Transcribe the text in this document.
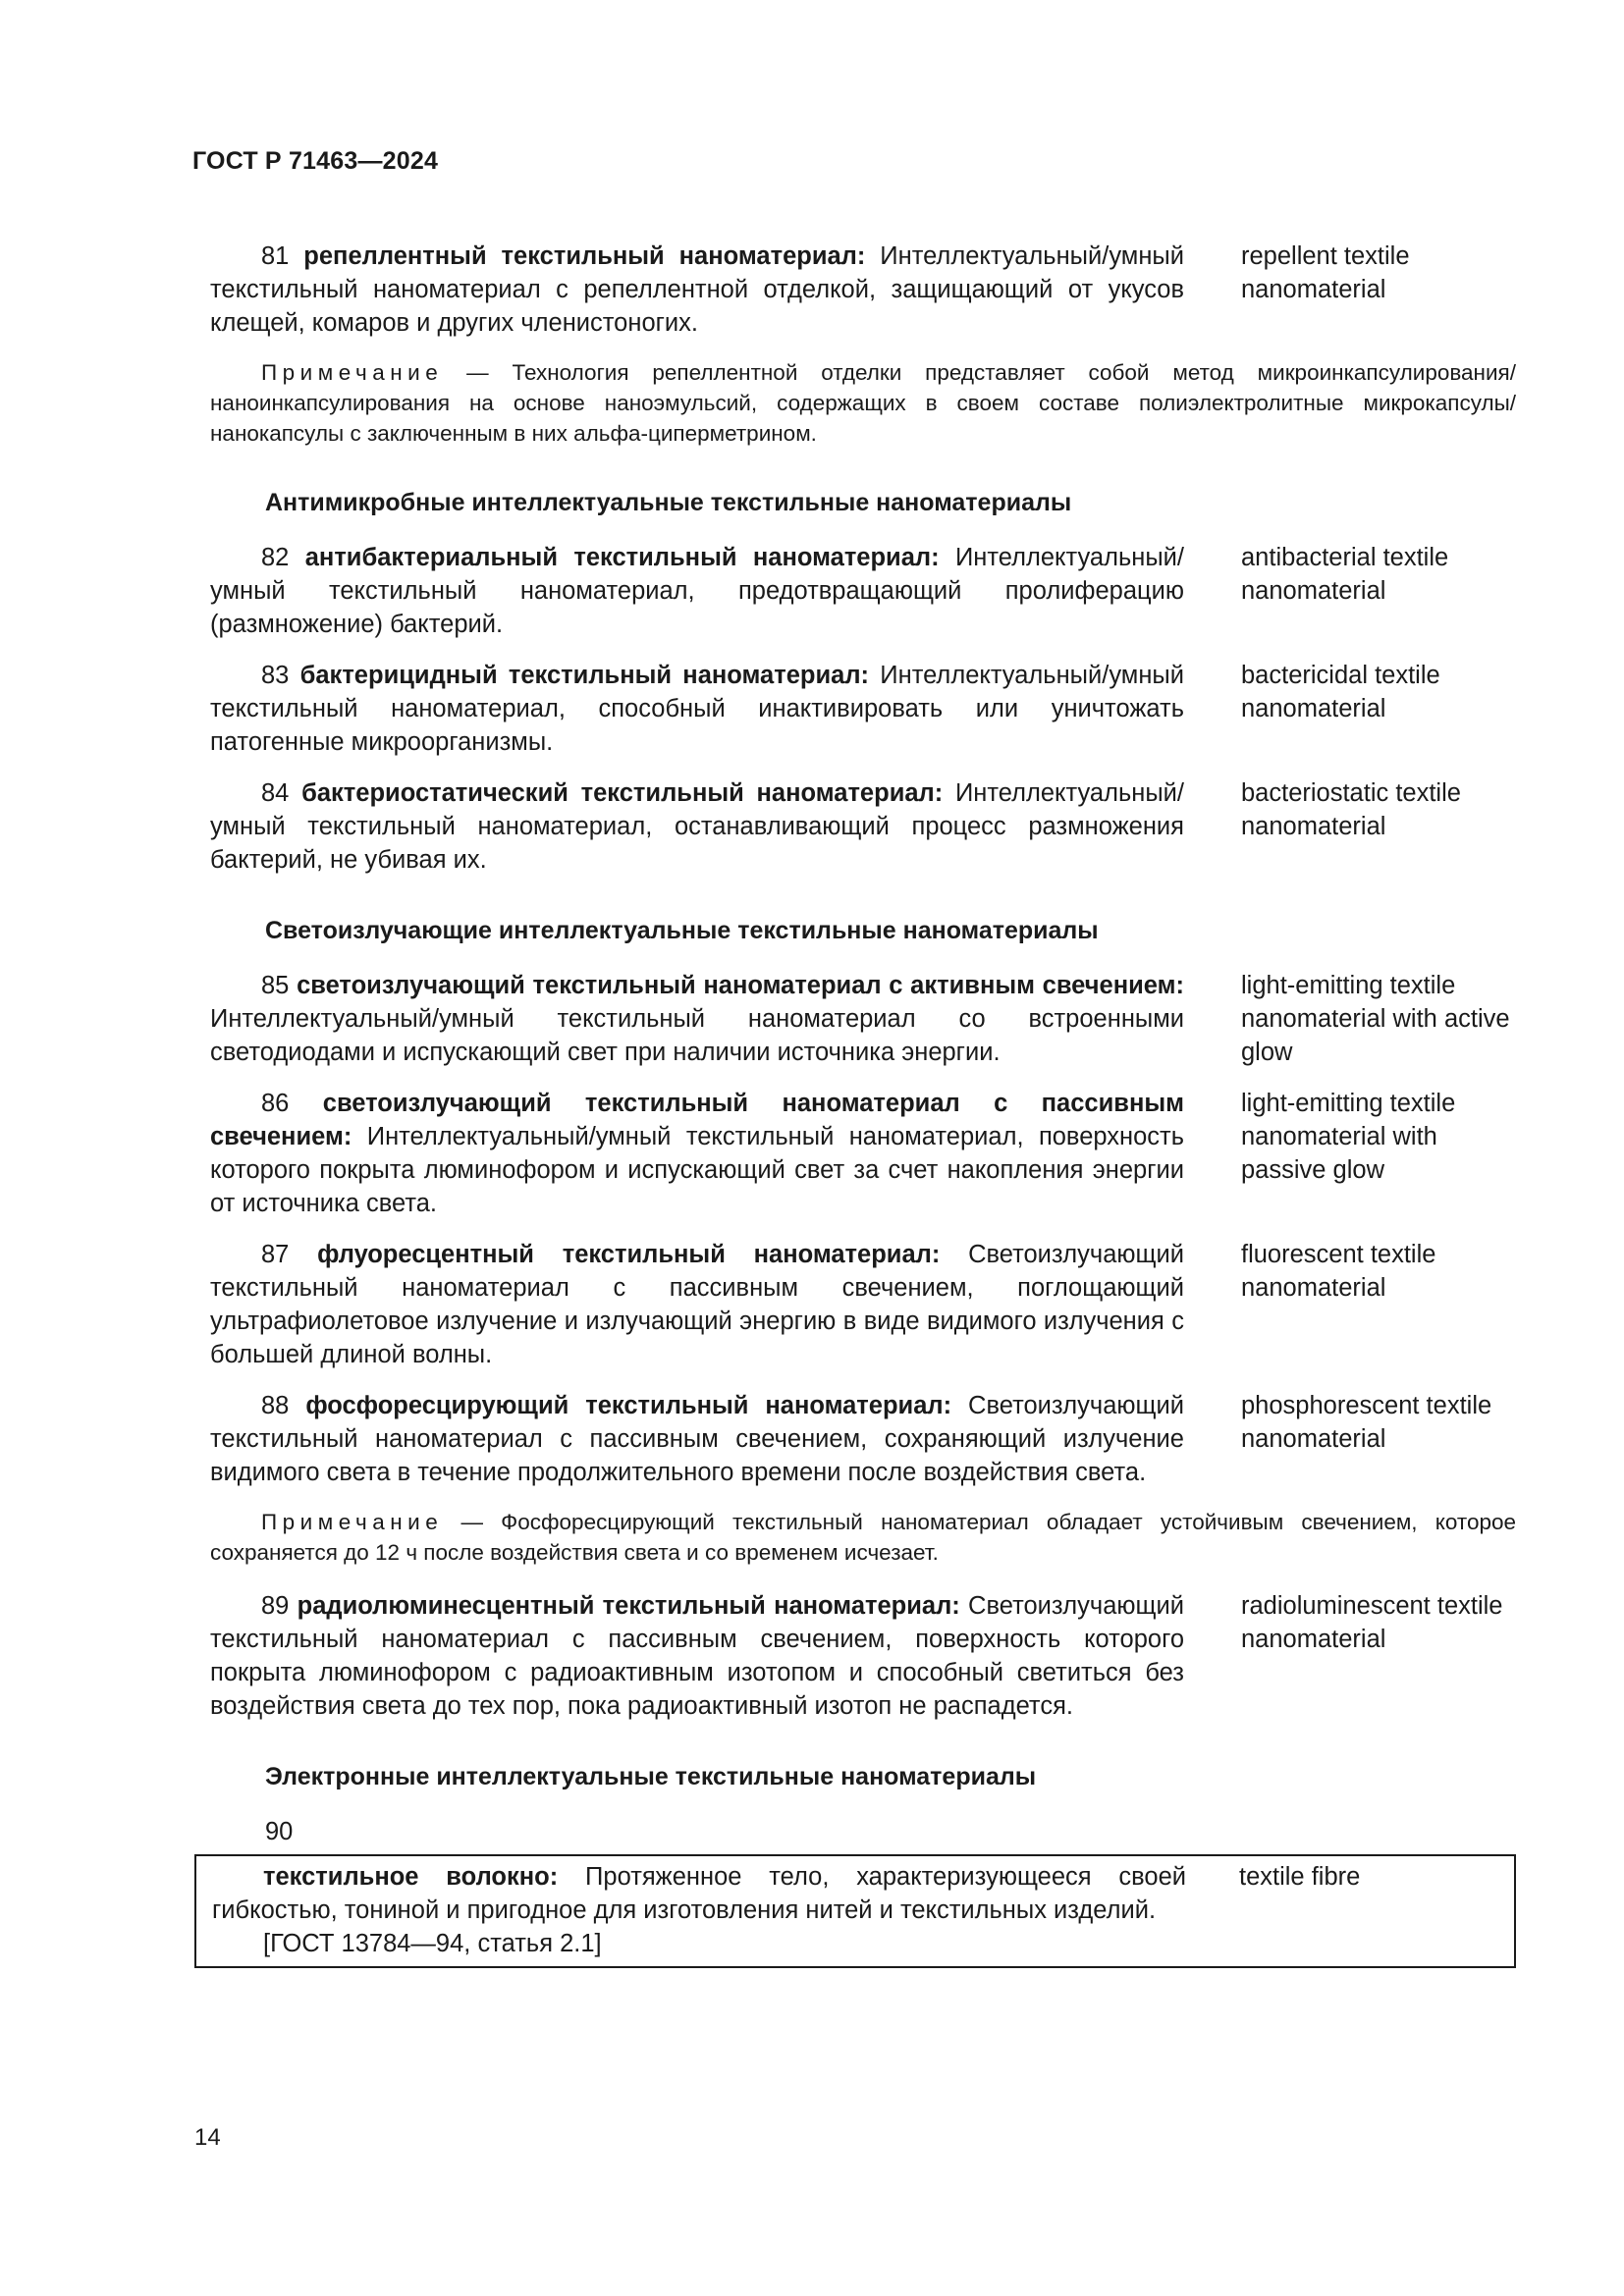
ГОСТ Р 71463—2024
81 репеллентный текстильный наноматериал: Интеллектуальный/умный текстильный наноматериал с репеллентной отделкой, защищающий от укусов клещей, комаров и других членистоногих.
repellent textile nanomaterial
Примечание — Технология репеллентной отделки представляет собой метод микроинкапсулирования/наноинкапсулирования на основе наноэмульсий, содержащих в своем составе полиэлектролитные микрокапсулы/нанокапсулы с заключенным в них альфа-циперметрином.
Антимикробные интеллектуальные текстильные наноматериалы
82 антибактериальный текстильный наноматериал: Интеллектуальный/умный текстильный наноматериал, предотвращающий пролиферацию (размножение) бактерий.
antibacterial textile nanomaterial
83 бактерицидный текстильный наноматериал: Интеллектуальный/умный текстильный наноматериал, способный инактивировать или уничтожать патогенные микроорганизмы.
bactericidal textile nanomaterial
84 бактериостатический текстильный наноматериал: Интеллектуальный/умный текстильный наноматериал, останавливающий процесс размножения бактерий, не убивая их.
bacteriostatic textile nanomaterial
Светоизлучающие интеллектуальные текстильные наноматериалы
85 светоизлучающий текстильный наноматериал с активным свечением: Интеллектуальный/умный текстильный наноматериал со встроенными светодиодами и испускающий свет при наличии источника энергии.
light-emitting textile nanomaterial with active glow
86 светоизлучающий текстильный наноматериал с пассивным свечением: Интеллектуальный/умный текстильный наноматериал, поверхность которого покрыта люминофором и испускающий свет за счет накопления энергии от источника света.
light-emitting textile nanomaterial with passive glow
87 флуоресцентный текстильный наноматериал: Светоизлучающий текстильный наноматериал с пассивным свечением, поглощающий ультрафиолетовое излучение и излучающий энергию в виде видимого излучения с большей длиной волны.
fluorescent textile nanomaterial
88 фосфоресцирующий текстильный наноматериал: Светоизлучающий текстильный наноматериал с пассивным свечением, сохраняющий излучение видимого света в течение продолжительного времени после воздействия света.
phosphorescent textile nanomaterial
Примечание — Фосфоресцирующий текстильный наноматериал обладает устойчивым свечением, которое сохраняется до 12 ч после воздействия света и со временем исчезает.
89 радиолюминесцентный текстильный наноматериал: Светоизлучающий текстильный наноматериал с пассивным свечением, поверхность которого покрыта люминофором с радиоактивным изотопом и способный светиться без воздействия света до тех пор, пока радиоактивный изотоп не распадется.
radioluminescent textile nanomaterial
Электронные интеллектуальные текстильные наноматериалы
90
текстильное волокно: Протяженное тело, характеризующееся своей гибкостью, тониной и пригодное для изготовления нитей и текстильных изделий.
[ГОСТ 13784—94, статья 2.1]
textile fibre
14
